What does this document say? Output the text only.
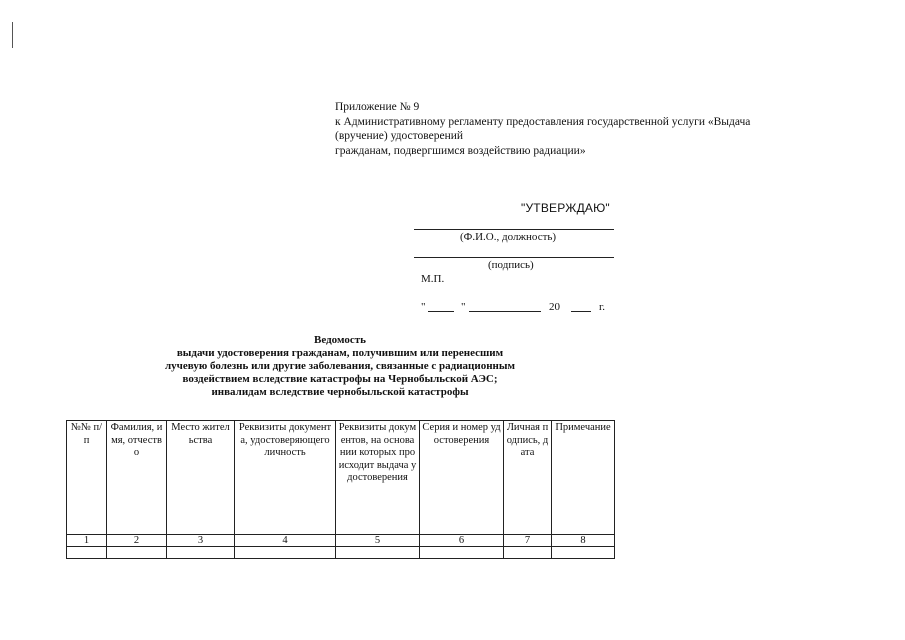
Приложение № 9
к Административному регламенту предоставления государственной услуги «Выдача
(вручение) удостоверений
гражданам, подвергшимся воздействию радиации»
"УТВЕРЖДАЮ"
(Ф.И.О., должность)
(подпись)
М.П.
"	"	20	г.
Ведомость
выдачи удостоверения гражданам, получившим или перенесшим
лучевую болезнь или другие заболевания, связанные с радиационным
воздействием вследствие катастрофы на Чернобыльской АЭС;
инвалидам вследствие чернобыльской катастрофы
№№ п/п	Фамилия, имя, отчество	Место жительства	Реквизиты документа, удостоверяющего личность	Реквизиты документов, на основании которых происходит выдача удостоверения	Серия и номер удостоверения	Личная подпись, дата	Примечание
1	2	3	4	5	6	7	8
